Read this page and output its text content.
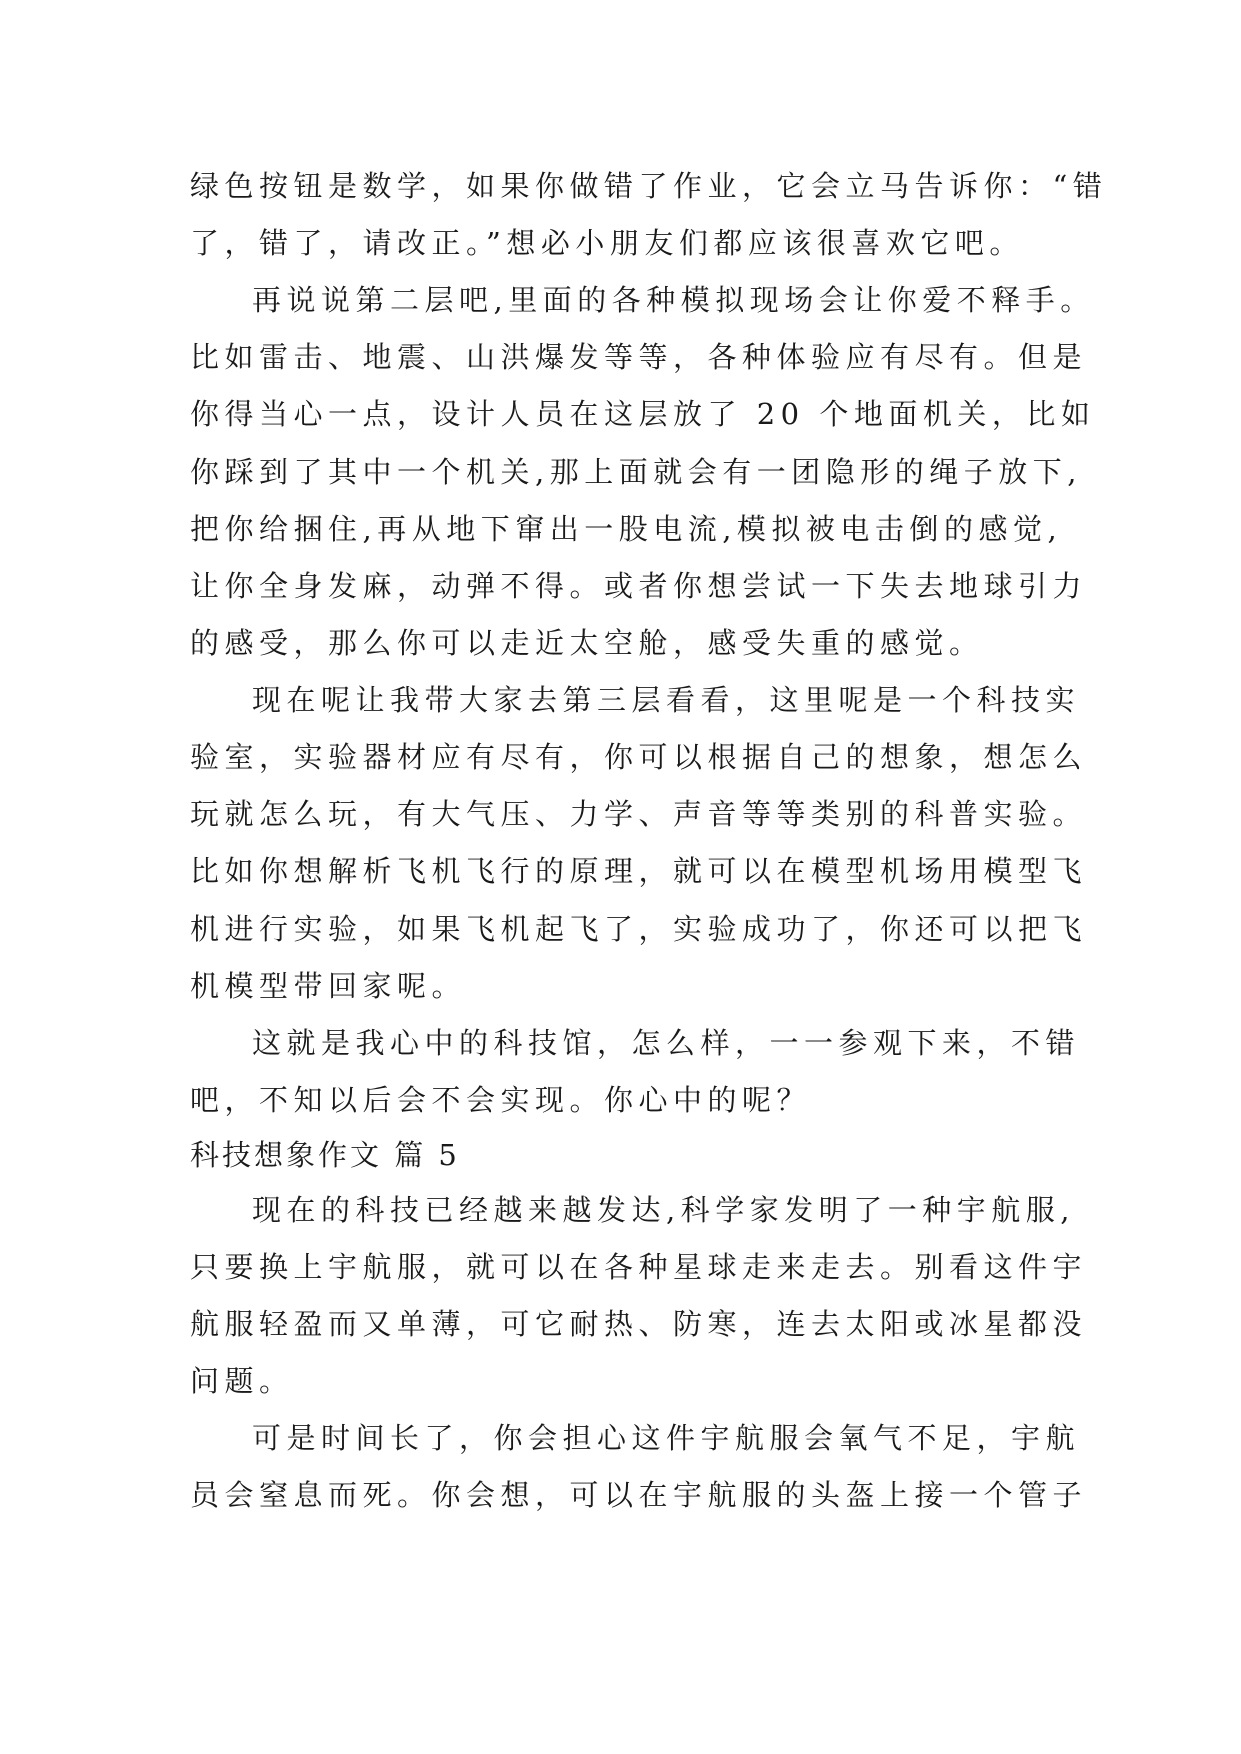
绿色按钮是数学，如果你做错了作业，它会立马告诉你：“错
了，错了，请改正。”想必小朋友们都应该很喜欢它吧。
再说说第二层吧,里面的各种模拟现场会让你爱不释手。
比如雷击、地震、山洪爆发等等，各种体验应有尽有。但是
你得当心一点，设计人员在这层放了 20 个地面机关，比如
你踩到了其中一个机关,那上面就会有一团隐形的绳子放下,
把你给捆住,再从地下窜出一股电流,模拟被电击倒的感觉,
让你全身发麻，动弹不得。或者你想尝试一下失去地球引力
的感受，那么你可以走近太空舱，感受失重的感觉。
现在呢让我带大家去第三层看看，这里呢是一个科技实
验室，实验器材应有尽有，你可以根据自己的想象，想怎么
玩就怎么玩，有大气压、力学、声音等等类别的科普实验。
比如你想解析飞机飞行的原理，就可以在模型机场用模型飞
机进行实验，如果飞机起飞了，实验成功了，你还可以把飞
机模型带回家呢。
这就是我心中的科技馆，怎么样，一一参观下来，不错
吧，不知以后会不会实现。你心中的呢？
科技想象作文 篇 5
现在的科技已经越来越发达,科学家发明了一种宇航服,
只要换上宇航服，就可以在各种星球走来走去。别看这件宇
航服轻盈而又单薄，可它耐热、防寒，连去太阳或冰星都没
问题。
可是时间长了，你会担心这件宇航服会氧气不足，宇航
员会窒息而死。你会想，可以在宇航服的头盔上接一个管子
